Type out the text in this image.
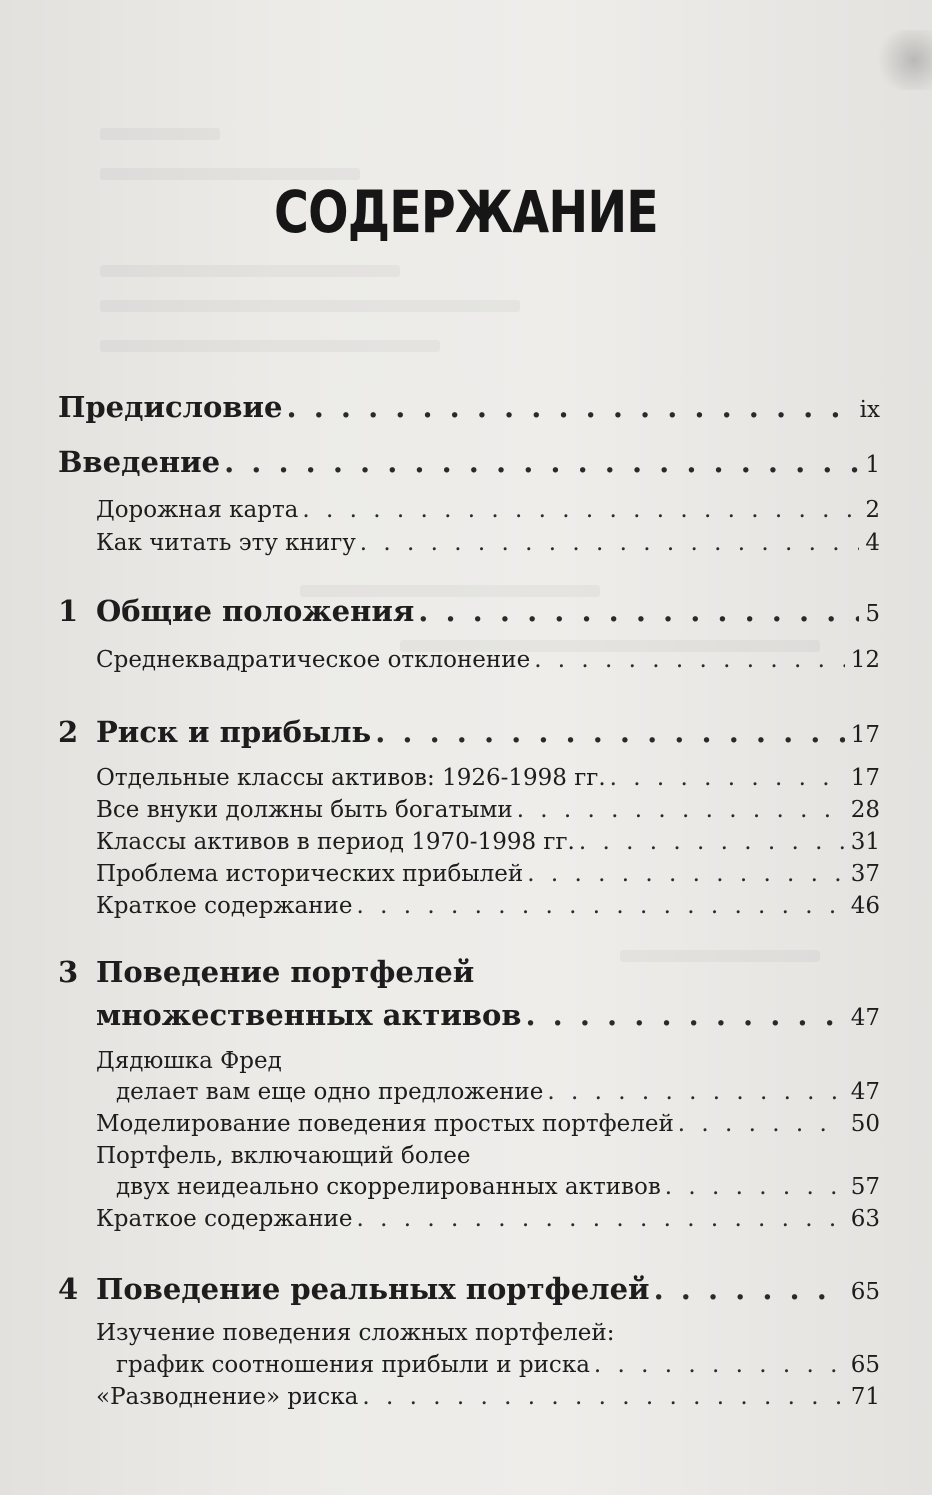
СОДЕРЖАНИЕ
Предисловие . . .	ix
Введение . . .	1
Дорожная карта . . .	2
Как читать эту книгу . . .	4
1 Общие положения . . .	5
Среднеквадратическое отклонение . . .	12
2 Риск и прибыль . . .	17
Отдельные классы активов: 1926-1998 гг. . . .	17
Все внуки должны быть богатыми . . .	28
Классы активов в период 1970-1998 гг. . . .	31
Проблема исторических прибылей . . .	37
Краткое содержание . . .	46
3 Поведение портфелей
множественных активов . . .	47
Дядюшка Фред
делает вам еще одно предложение . . .	47
Моделирование поведения простых портфелей . . .	50
Портфель, включающий более
двух неидеально скоррелированных активов . . .	57
Краткое содержание . . .	63
4 Поведение реальных портфелей . . .	65
Изучение поведения сложных портфелей:
график соотношения прибыли и риска . . .	65
«Разводнение» риска . . .	71
